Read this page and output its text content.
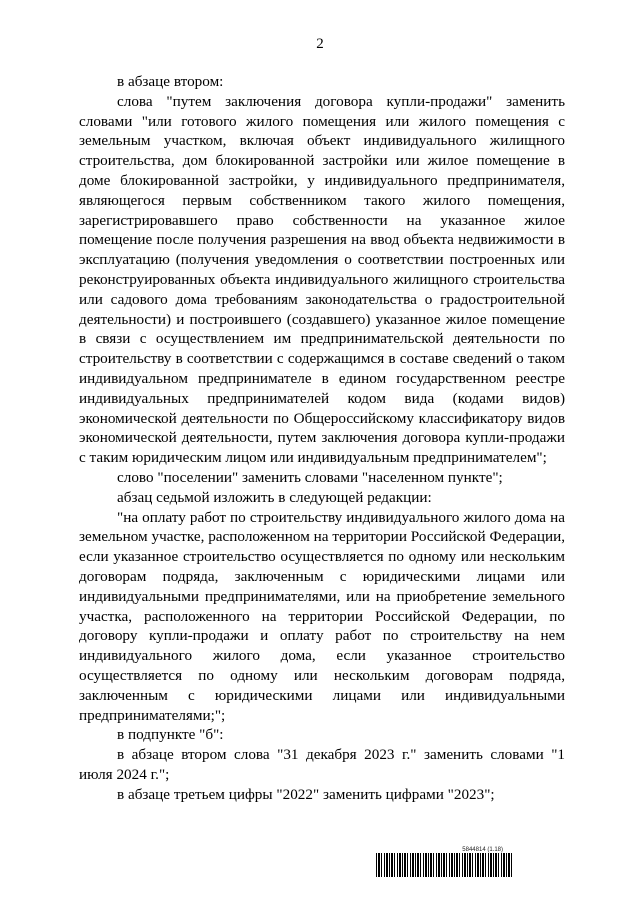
2

в абзаце втором:

слова "путем заключения договора купли-продажи" заменить словами "или готового жилого помещения или жилого помещения с земельным участком, включая объект индивидуального жилищного строительства, дом блокированной застройки или жилое помещение в доме блокированной застройки, у индивидуального предпринимателя, являющегося первым собственником такого жилого помещения, зарегистрировавшего право собственности на указанное жилое помещение после получения разрешения на ввод объекта недвижимости в эксплуатацию (получения уведомления о соответствии построенных или реконструированных объекта индивидуального жилищного строительства или садового дома требованиям законодательства о градостроительной деятельности) и построившего (создавшего) указанное жилое помещение в связи с осуществлением им предпринимательской деятельности по строительству в соответствии с содержащимся в составе сведений о таком индивидуальном предпринимателе в едином государственном реестре индивидуальных предпринимателей кодом вида (кодами видов) экономической деятельности по Общероссийскому классификатору видов экономической деятельности, путем заключения договора купли-продажи с таким юридическим лицом или индивидуальным предпринимателем";

слово "поселении" заменить словами "населенном пункте";

абзац седьмой изложить в следующей редакции:

"на оплату работ по строительству индивидуального жилого дома на земельном участке, расположенном на территории Российской Федерации, если указанное строительство осуществляется по одному или нескольким договорам подряда, заключенным с юридическими лицами или индивидуальными предпринимателями, или на приобретение земельного участка, расположенного на территории Российской Федерации, по договору купли-продажи и оплату работ по строительству на нем индивидуального жилого дома, если указанное строительство осуществляется по одному или нескольким договорам подряда, заключенным с юридическими лицами или индивидуальными предпринимателями;";

в подпункте "б":

в абзаце втором слова "31 декабря 2023 г." заменить словами "1 июля 2024 г.";

в абзаце третьем цифры "2022" заменить цифрами "2023";

5844814 (1.18)
